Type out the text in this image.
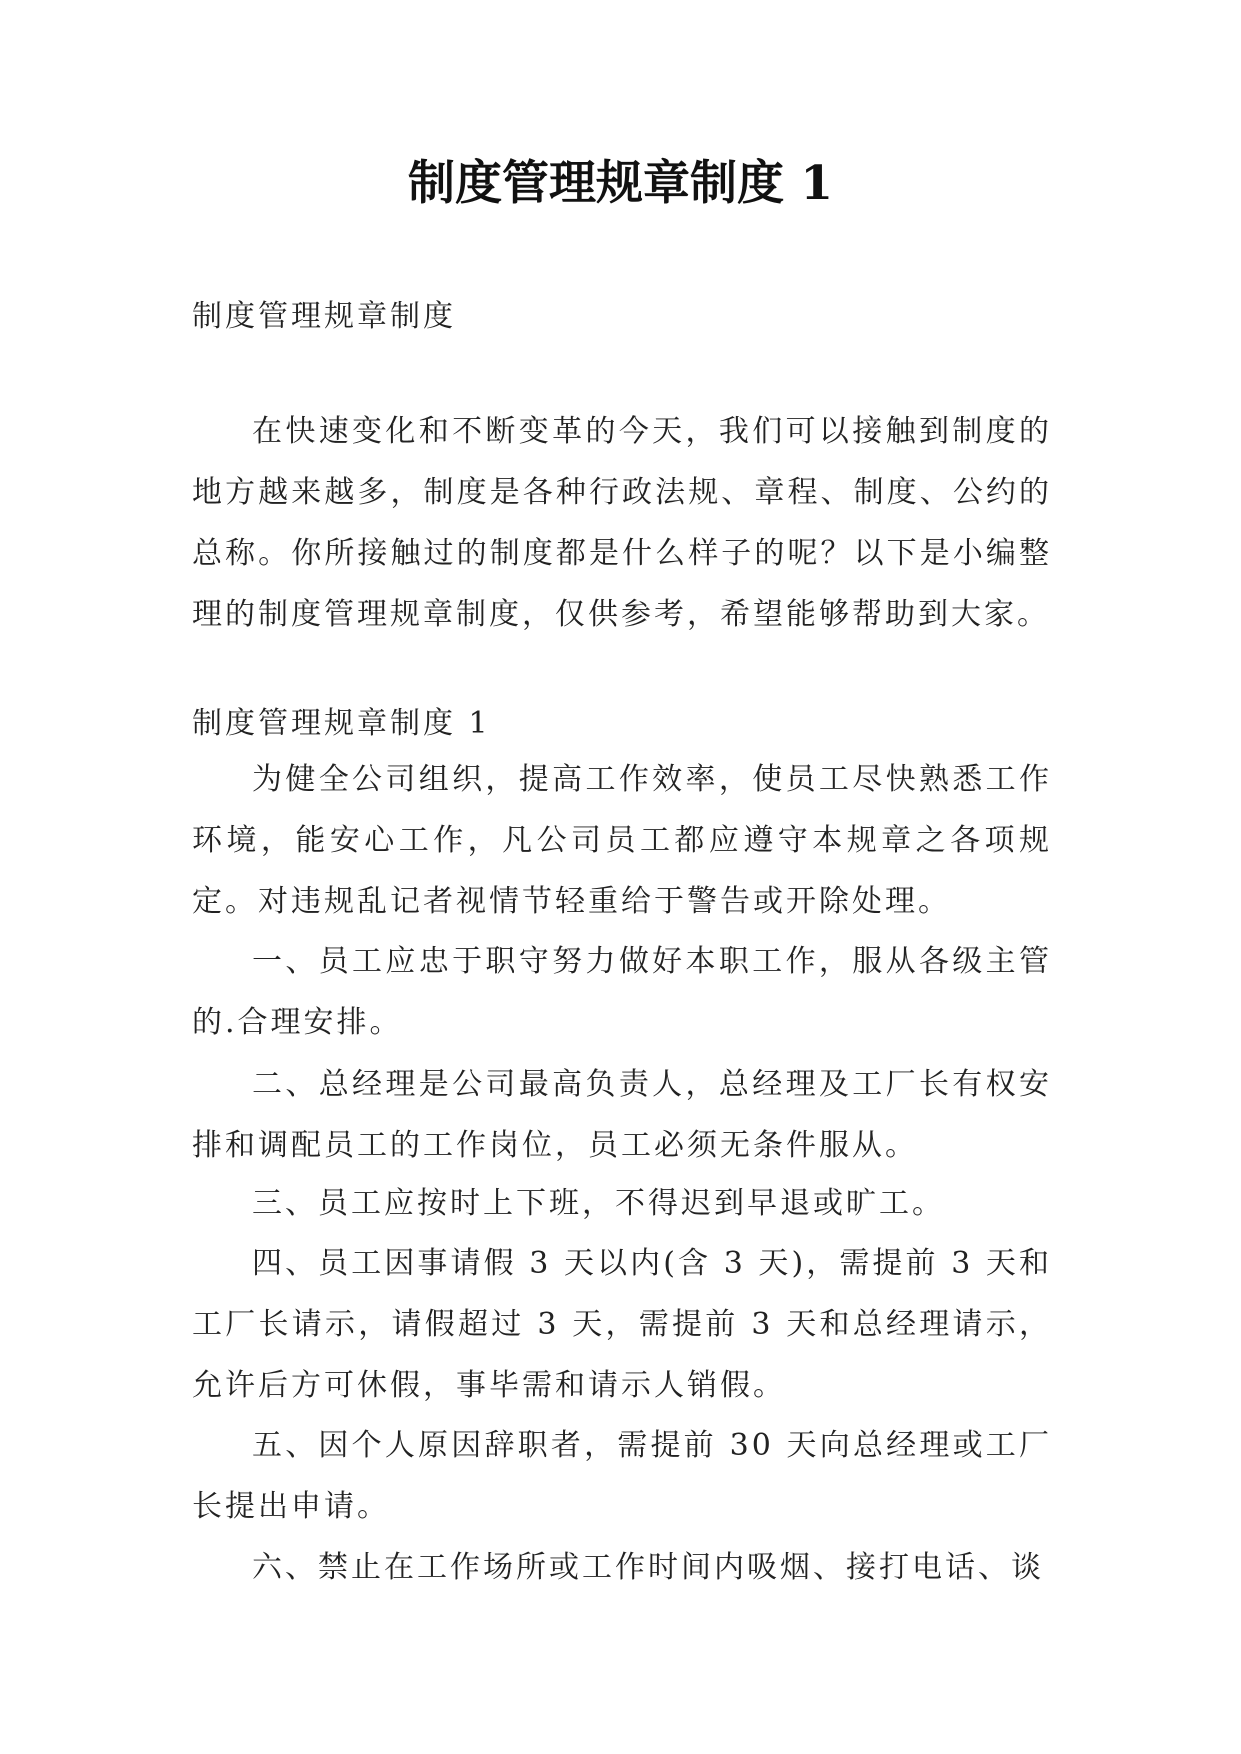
制度管理规章制度 1

制度管理规章制度

在快速变化和不断变革的今天，我们可以接触到制度的地方越来越多，制度是各种行政法规、章程、制度、公约的总称。你所接触过的制度都是什么样子的呢？以下是小编整理的制度管理规章制度，仅供参考，希望能够帮助到大家。

制度管理规章制度 1

为健全公司组织，提高工作效率，使员工尽快熟悉工作环境，能安心工作，凡公司员工都应遵守本规章之各项规定。对违规乱记者视情节轻重给于警告或开除处理。

一、员工应忠于职守努力做好本职工作，服从各级主管的.合理安排。

二、总经理是公司最高负责人，总经理及工厂长有权安排和调配员工的工作岗位，员工必须无条件服从。

三、员工应按时上下班，不得迟到早退或旷工。

四、员工因事请假 3 天以内(含 3 天)，需提前 3 天和工厂长请示，请假超过 3 天，需提前 3 天和总经理请示，允许后方可休假，事毕需和请示人销假。

五、因个人原因辞职者，需提前 30 天向总经理或工厂长提出申请。

六、禁止在工作场所或工作时间内吸烟、接打电话、谈
